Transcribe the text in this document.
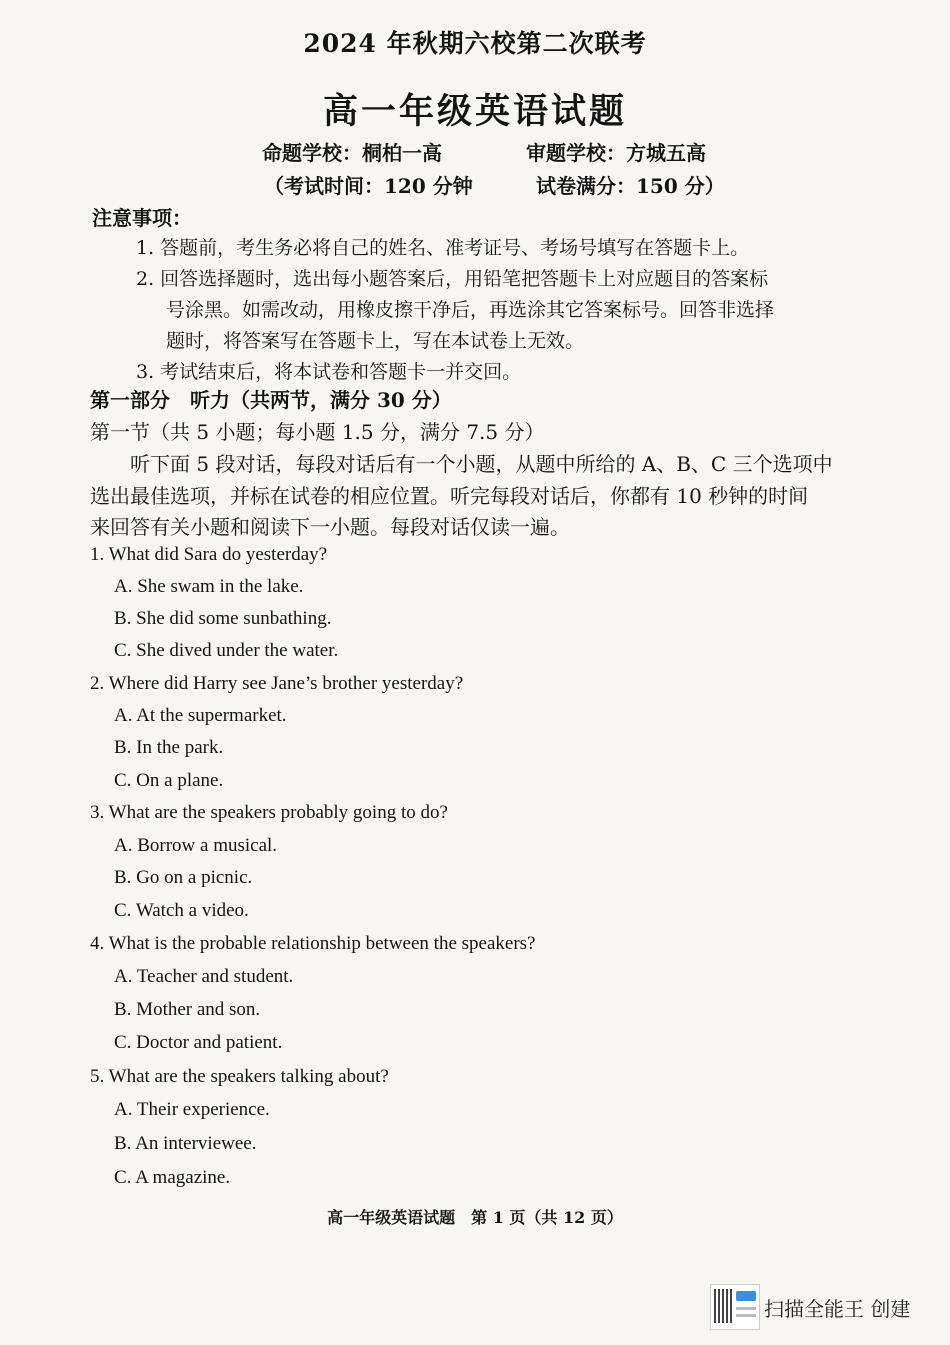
2024 年秋期六校第二次联考
高一年级英语试题
命题学校：桐柏一高	审题学校：方城五高
（考试时间：120 分钟	试卷满分：150 分）
注意事项：
1. 答题前，考生务必将自己的姓名、准考证号、考场号填写在答题卡上。
2. 回答选择题时，选出每小题答案后，用铅笔把答题卡上对应题目的答案标
号涂黑。如需改动，用橡皮擦干净后，再选涂其它答案标号。回答非选择
题时，将答案写在答题卡上，写在本试卷上无效。
3. 考试结束后，将本试卷和答题卡一并交回。
第一部分　听力（共两节，满分 30 分）
第一节（共 5 小题；每小题 1.5 分，满分 7.5 分）
　　听下面 5 段对话，每段对话后有一个小题，从题中所给的 A、B、C 三个选项中
选出最佳选项，并标在试卷的相应位置。听完每段对话后，你都有 10 秒钟的时间
来回答有关小题和阅读下一小题。每段对话仅读一遍。
1. What did Sara do yesterday?
A. She swam in the lake.
B. She did some sunbathing.
C. She dived under the water.
2. Where did Harry see Jane’s brother yesterday?
A. At the supermarket.
B. In the park.
C. On a plane.
3. What are the speakers probably going to do?
A. Borrow a musical.
B. Go on a picnic.
C. Watch a video.
4. What is the probable relationship between the speakers?
A. Teacher and student.
B. Mother and son.
C. Doctor and patient.
5. What are the speakers talking about?
A. Their experience.
B. An interviewee.
C. A magazine.
高一年级英语试题　第 1 页（共 12 页）
扫描全能王 创建
